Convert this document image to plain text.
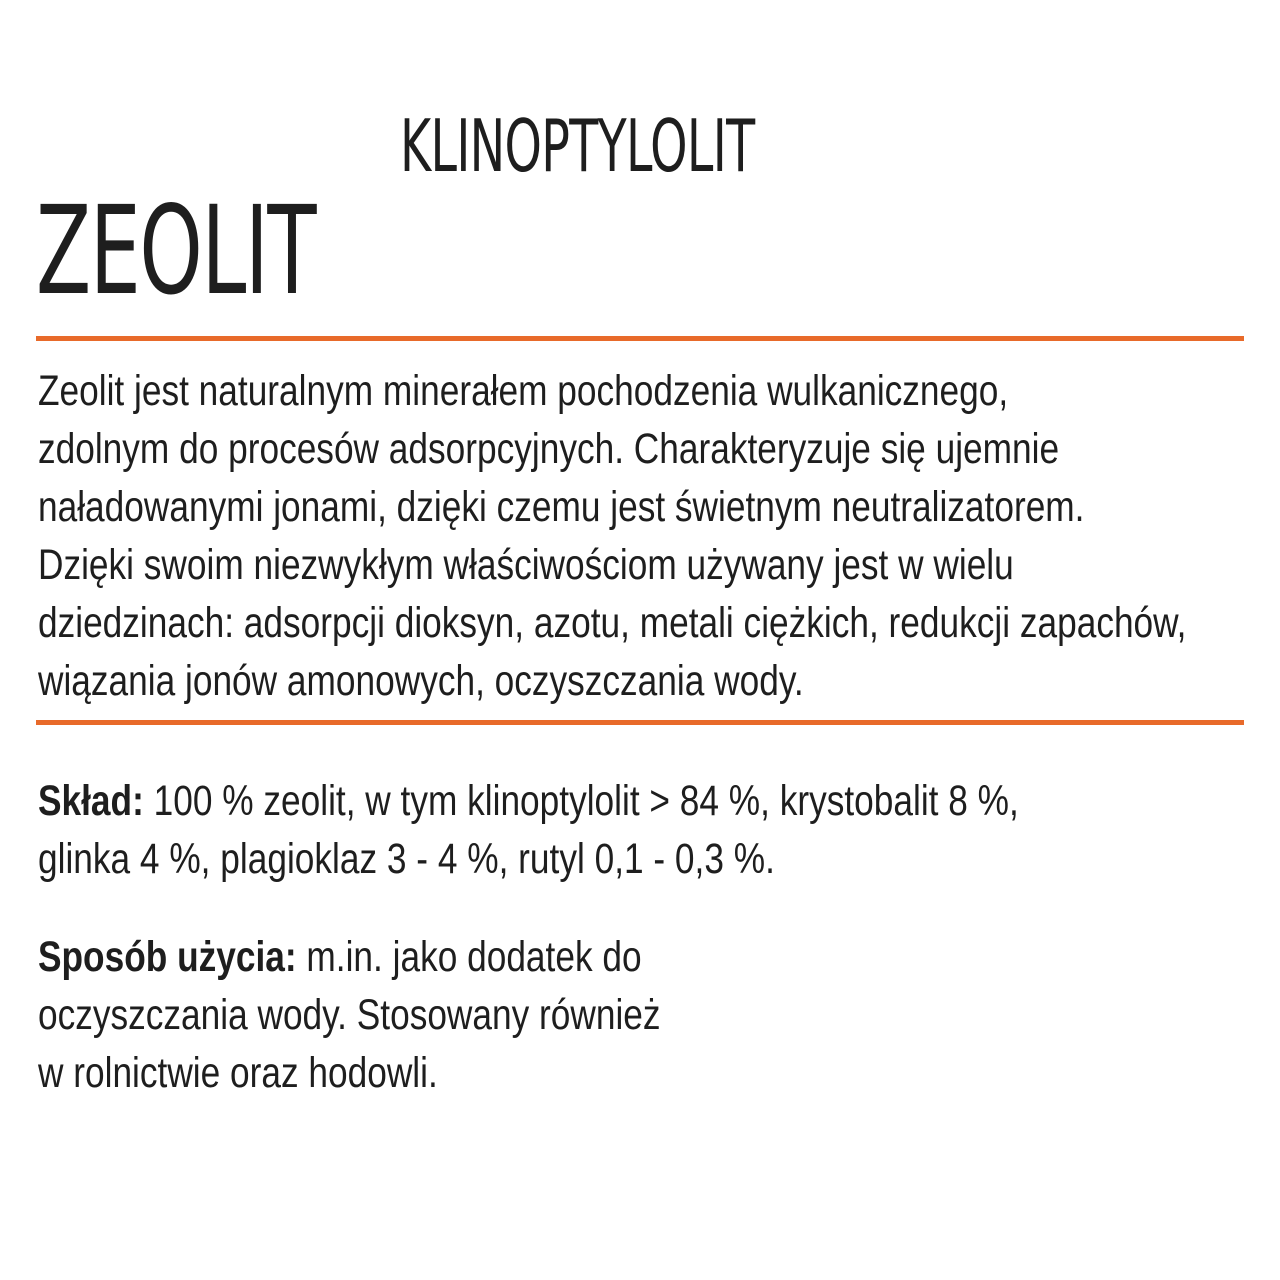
ZEOLIT
KLINOPTYLOLIT
Zeolit jest naturalnym minerałem pochodzenia wulkanicznego,
zdolnym do procesów adsorpcyjnych. Charakteryzuje się ujemnie
naładowanymi jonami, dzięki czemu jest świetnym neutralizatorem.
Dzięki swoim niezwykłym właściwościom używany jest w wielu
dziedzinach: adsorpcji dioksyn, azotu, metali ciężkich, redukcji zapachów,
wiązania jonów amonowych, oczyszczania wody.
Skład: 100 % zeolit, w tym klinoptylolit > 84 %, krystobalit 8 %,
glinka 4 %, plagioklaz 3 - 4 %, rutyl 0,1 - 0,3 %.
Sposób użycia: m.in. jako dodatek do
oczyszczania wody. Stosowany również
w rolnictwie oraz hodowli.
